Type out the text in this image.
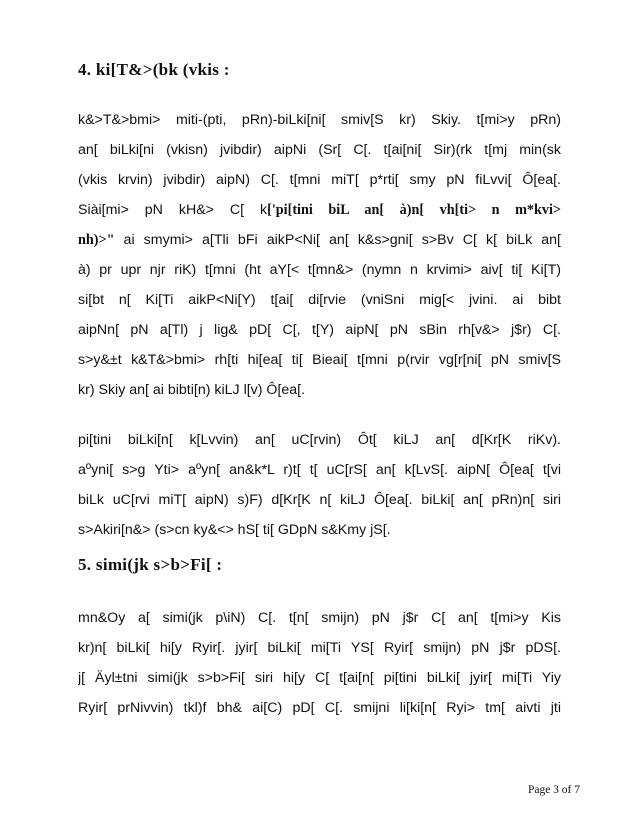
4. ki[T&>(bk (vkis :
k&>T&>bmi> miti-(pti, pRn)-biLki[ni[ smiv[S kr) Skiy. t[mi>y pRn)
an[ biLki[ni (vkisn) jvibdir) aipNi (Sr[ C[. t[ai[ni[ Sir)(rk t[mj min(sk
(vkis krvin) jvibdir) aipN) C[. t[mni miT[ p*rti[ smy pN fiLvvi[ Ô[ea[.
Siài[mi> pN kH&> C[ k['pi[tini biL an[ à)n[ vh[ti> n m*kvi>
nh)>" ai smymi> a[Tli bFi aikP<Ni[ an[ k&s>gni[ s>Bv C[ k[ biLk an[
à) pr upr njr riK) t[mni (ht aY[< t[mn&> (nymn n krvimi> aiv[ ti[ Ki[T)
si[bt n[ Ki[Ti aikP<Ni[Y) t[ai[ di[rvie (vniSni mig[< jvini. ai bibt
aipNn[ pN a[Tl) j lig& pD[ C[, t[Y) aipN[ pN sBin rh[v&> j$r) C[.
s>y&±t k&T&>bmi> rh[ti hi[ea[ ti[ Bieai[ t[mni p(rvir vg[r[ni[ pN smiv[S
kr) Skiy an[ ai bibti[n) kiLJ l[v) Ô[ea[.
pi[tini biLki[n[ k[Lvvin) an[ uC[rvin) Ôt[ kiLJ an[ d[Kr[K riKv).
aºyni[ s>g Yti> aºyn[ an&k*L r)t[ t[ uC[rS[ an[ k[LvS[. aipN[ Ô[ea[ t[vi
biLk uC[rvi miT[ aipN) s)F) d[Kr[K n[ kiLJ Ô[ea[. biLki[ an[ pRn)n[ siri
s>Akiri[n&> (s>cn ky&<> hS[ ti[ GDpN s&Kmy jS[.
5. simi(jk s>b>Fi[ :
mn&Oy a[ simi(jk p\iN) C[. t[n[ smijn) pN j$r C[ an[ t[mi>y Kis
kr)n[ biLki[ hi[y Ryir[. jyir[ biLki[ mi[Ti YS[ Ryir[ smijn) pN j$r pDS[.
j[ Äyl±tni simi(jk s>b>Fi[ siri hi[y C[ t[ai[n[ pi[tini biLki[ jyir[ mi[Ti Yiy
Ryir[ prNivvin) tkl)f bh& ai[C) pD[ C[. smijni li[ki[n[ Ryi> tm[ aivti jti

Page 3 of 7
